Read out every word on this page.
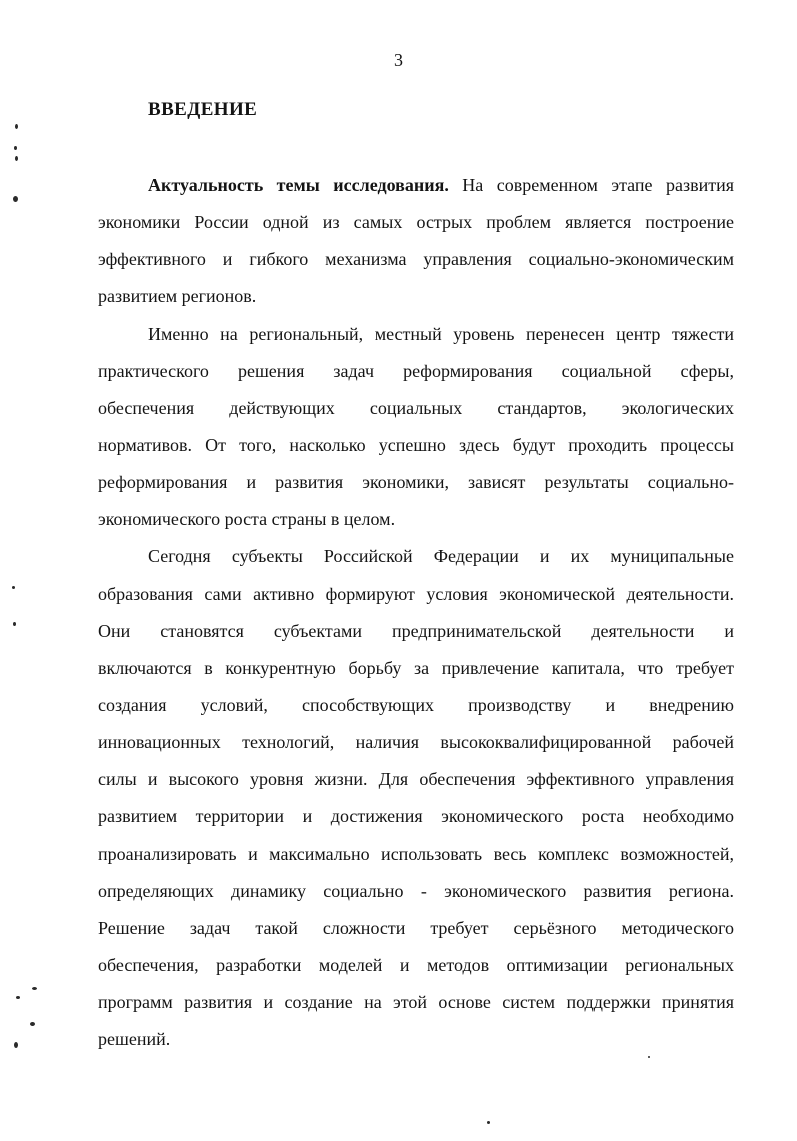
3
ВВЕДЕНИЕ

Актуальность темы исследования. На современном этапе развития
экономики России одной из самых острых проблем является построение
эффективного и гибкого механизма управления социально-экономическим
развитием регионов.

Именно на региональный, местный уровень перенесен центр тяжести
практического решения задач реформирования социальной сферы,
обеспечения действующих социальных стандартов, экологических
нормативов. От того, насколько успешно здесь будут проходить процессы
реформирования и развития экономики, зависят результаты социально-
экономического роста страны в целом.

Сегодня субъекты Российской Федерации и их муниципальные
образования сами активно формируют условия экономической деятельности.
Они становятся субъектами предпринимательской деятельности и
включаются в конкурентную борьбу за привлечение капитала, что требует
создания условий, способствующих производству и внедрению
инновационных технологий, наличия высококвалифицированной рабочей
силы и высокого уровня жизни. Для обеспечения эффективного управления
развитием территории и достижения экономического роста необходимо
проанализировать и максимально использовать весь комплекс возможностей,
определяющих динамику социально - экономического развития региона.
Решение задач такой сложности требует серьёзного методического
обеспечения, разработки моделей и методов оптимизации региональных
программ развития и создание на этой основе систем поддержки принятия
решений.
